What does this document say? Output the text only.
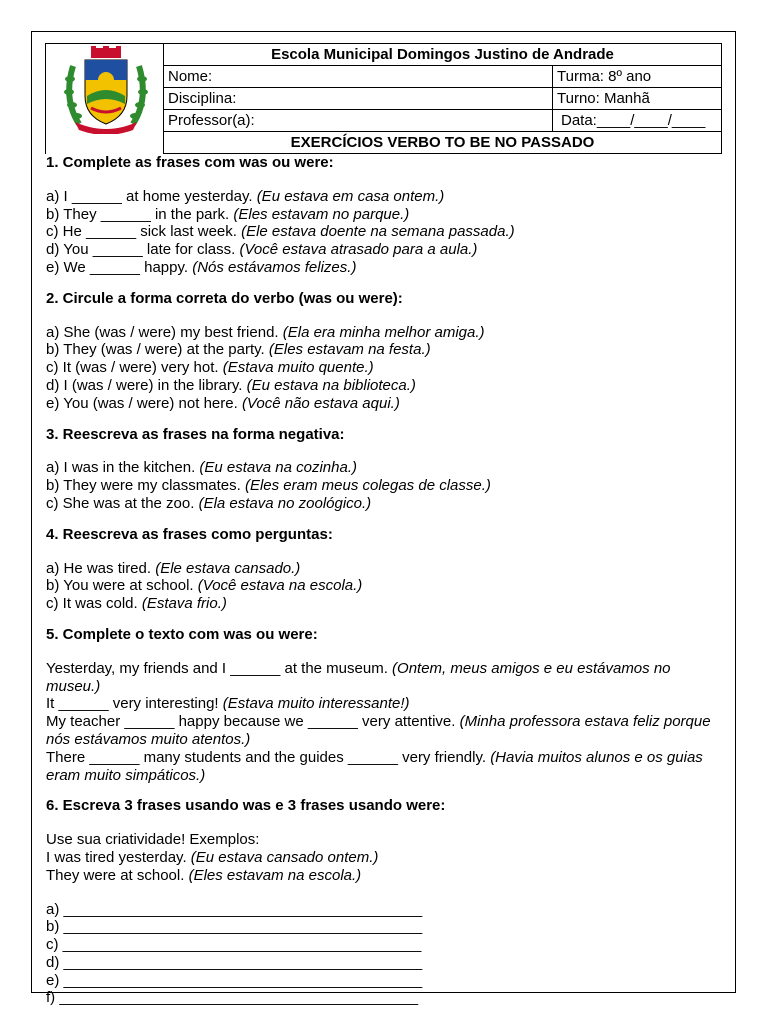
Escola Municipal Domingos Justino de Andrade	
Nome:	Turma: 8º ano
Disciplina:	Turno: Manhã
Professor(a):	Data:____/____/____
EXERCÍCIOS VERBO TO BE NO PASSADO	

1. Complete as frases com was ou were:

a) I ______ at home yesterday. (Eu estava em casa ontem.)

b) They ______ in the park. (Eles estavam no parque.)

c) He ______ sick last week. (Ele estava doente na semana passada.)

d) You ______ late for class. (Você estava atrasado para a aula.)

e) We ______ happy. (Nós estávamos felizes.)

2. Circule a forma correta do verbo (was ou were):

a) She (was / were) my best friend. (Ela era minha melhor amiga.)

b) They (was / were) at the party. (Eles estavam na festa.)

c) It (was / were) very hot. (Estava muito quente.)

d) I (was / were) in the library. (Eu estava na biblioteca.)

e) You (was / were) not here. (Você não estava aqui.)

3. Reescreva as frases na forma negativa:

a) I was in the kitchen. (Eu estava na cozinha.)

b) They were my classmates. (Eles eram meus colegas de classe.)

c) She was at the zoo. (Ela estava no zoológico.)

4. Reescreva as frases como perguntas:

a) He was tired. (Ele estava cansado.)

b) You were at school. (Você estava na escola.)

c) It was cold. (Estava frio.)

5. Complete o texto com was ou were:

Yesterday, my friends and I ______ at the museum. (Ontem, meus amigos e eu estávamos no museu.)

It ______ very interesting! (Estava muito interessante!)

My teacher ______ happy because we ______ very attentive. (Minha professora estava feliz porque nós estávamos muito atentos.)

There ______ many students and the guides ______ very friendly. (Havia muitos alunos e os guias eram muito simpáticos.)

6. Escreva 3 frases usando was e 3 frases usando were:

Use sua criatividade! Exemplos:

I was tired yesterday. (Eu estava cansado ontem.)

They were at school. (Eles estavam na escola.)

a) ___________________________________________

b) ___________________________________________

c) ___________________________________________

d) ___________________________________________

e) ___________________________________________

f) ___________________________________________
